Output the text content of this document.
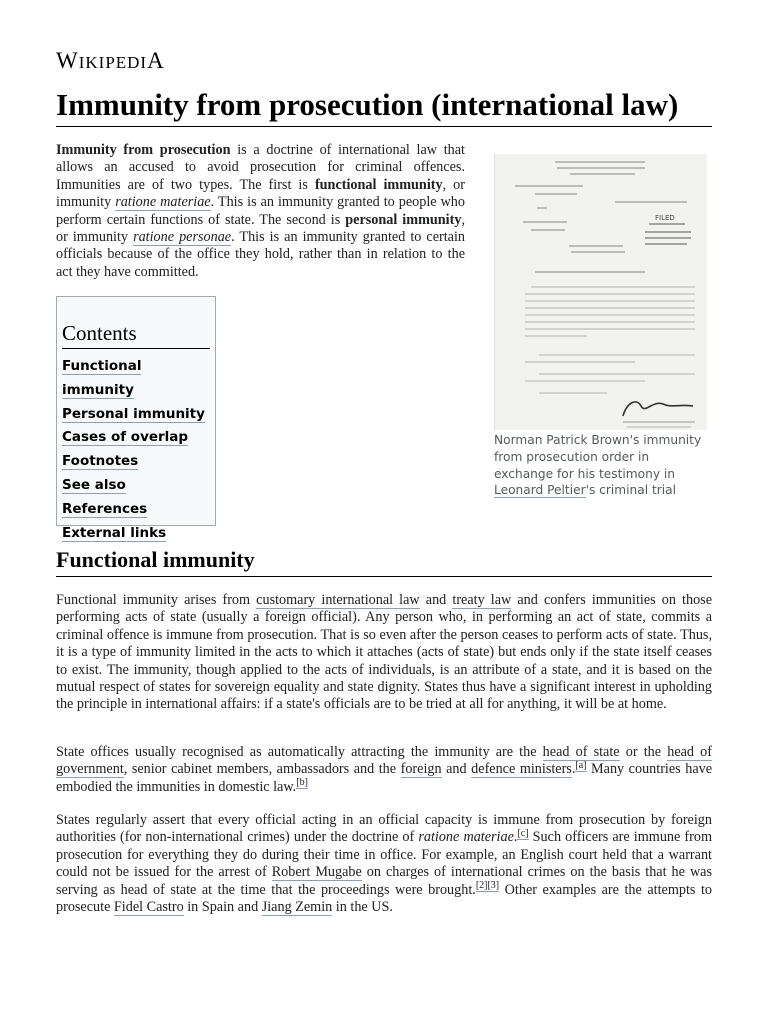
WIKIPEDIA
Immunity from prosecution (international law)

Immunity from prosecution is a doctrine of international law that allows an accused to avoid prosecution for criminal offences. Immunities are of two types. The first is functional immunity, or immunity ratione materiae. This is an immunity granted to people who perform certain functions of state. The second is personal immunity, or immunity ratione personae. This is an immunity granted to certain officials because of the office they hold, rather than in relation to the act they have committed.

Contents
Functional immunity
Personal immunity
Cases of overlap
Footnotes
See also
References
External links
FILED
Norman Patrick Brown's immunity from prosecution order in exchange for his testimony in Leonard Peltier's criminal trial
Functional immunity

Functional immunity arises from customary international law and treaty law and confers immunities on those performing acts of state (usually a foreign official). Any person who, in performing an act of state, commits a criminal offence is immune from prosecution. That is so even after the person ceases to perform acts of state. Thus, it is a type of immunity limited in the acts to which it attaches (acts of state) but ends only if the state itself ceases to exist. The immunity, though applied to the acts of individuals, is an attribute of a state, and it is based on the mutual respect of states for sovereign equality and state dignity. States thus have a significant interest in upholding the principle in international affairs: if a state's officials are to be tried at all for anything, it will be at home.

State offices usually recognised as automatically attracting the immunity are the head of state or the head of government, senior cabinet members, ambassadors and the foreign and defence ministers.[a] Many countries have embodied the immunities in domestic law.[b]

States regularly assert that every official acting in an official capacity is immune from prosecution by foreign authorities (for non-international crimes) under the doctrine of ratione materiae.[c] Such officers are immune from prosecution for everything they do during their time in office. For example, an English court held that a warrant could not be issued for the arrest of Robert Mugabe on charges of international crimes on the basis that he was serving as head of state at the time that the proceedings were brought.[2][3] Other examples are the attempts to prosecute Fidel Castro in Spain and Jiang Zemin in the US.
